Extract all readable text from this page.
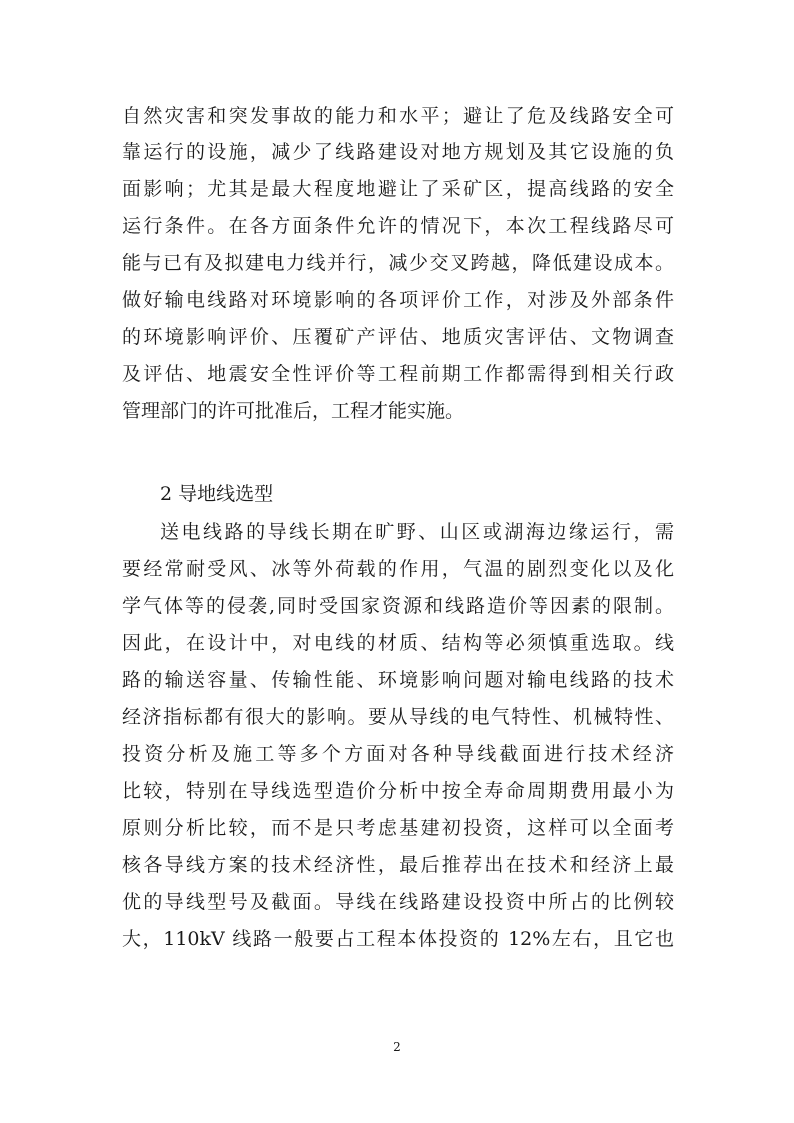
自然灾害和突发事故的能力和水平；避让了危及线路安全可
靠运行的设施，减少了线路建设对地方规划及其它设施的负
面影响；尤其是最大程度地避让了采矿区，提高线路的安全
运行条件。在各方面条件允许的情况下，本次工程线路尽可
能与已有及拟建电力线并行，减少交叉跨越，降低建设成本。
做好输电线路对环境影响的各项评价工作，对涉及外部条件
的环境影响评价、压覆矿产评估、地质灾害评估、文物调查
及评估、地震安全性评价等工程前期工作都需得到相关行政
管理部门的许可批准后，工程才能实施。
2 导地线选型
送电线路的导线长期在旷野、山区或湖海边缘运行，需
要经常耐受风、冰等外荷载的作用，气温的剧烈变化以及化
学气体等的侵袭,同时受国家资源和线路造价等因素的限制。
因此，在设计中，对电线的材质、结构等必须慎重选取。线
路的输送容量、传输性能、环境影响问题对输电线路的技术
经济指标都有很大的影响。要从导线的电气特性、机械特性、
投资分析及施工等多个方面对各种导线截面进行技术经济
比较，特别在导线选型造价分析中按全寿命周期费用最小为
原则分析比较，而不是只考虑基建初投资，这样可以全面考
核各导线方案的技术经济性，最后推荐出在技术和经济上最
优的导线型号及截面。导线在线路建设投资中所占的比例较
大，110kV 线路一般要占工程本体投资的 12%左右，且它也
2
